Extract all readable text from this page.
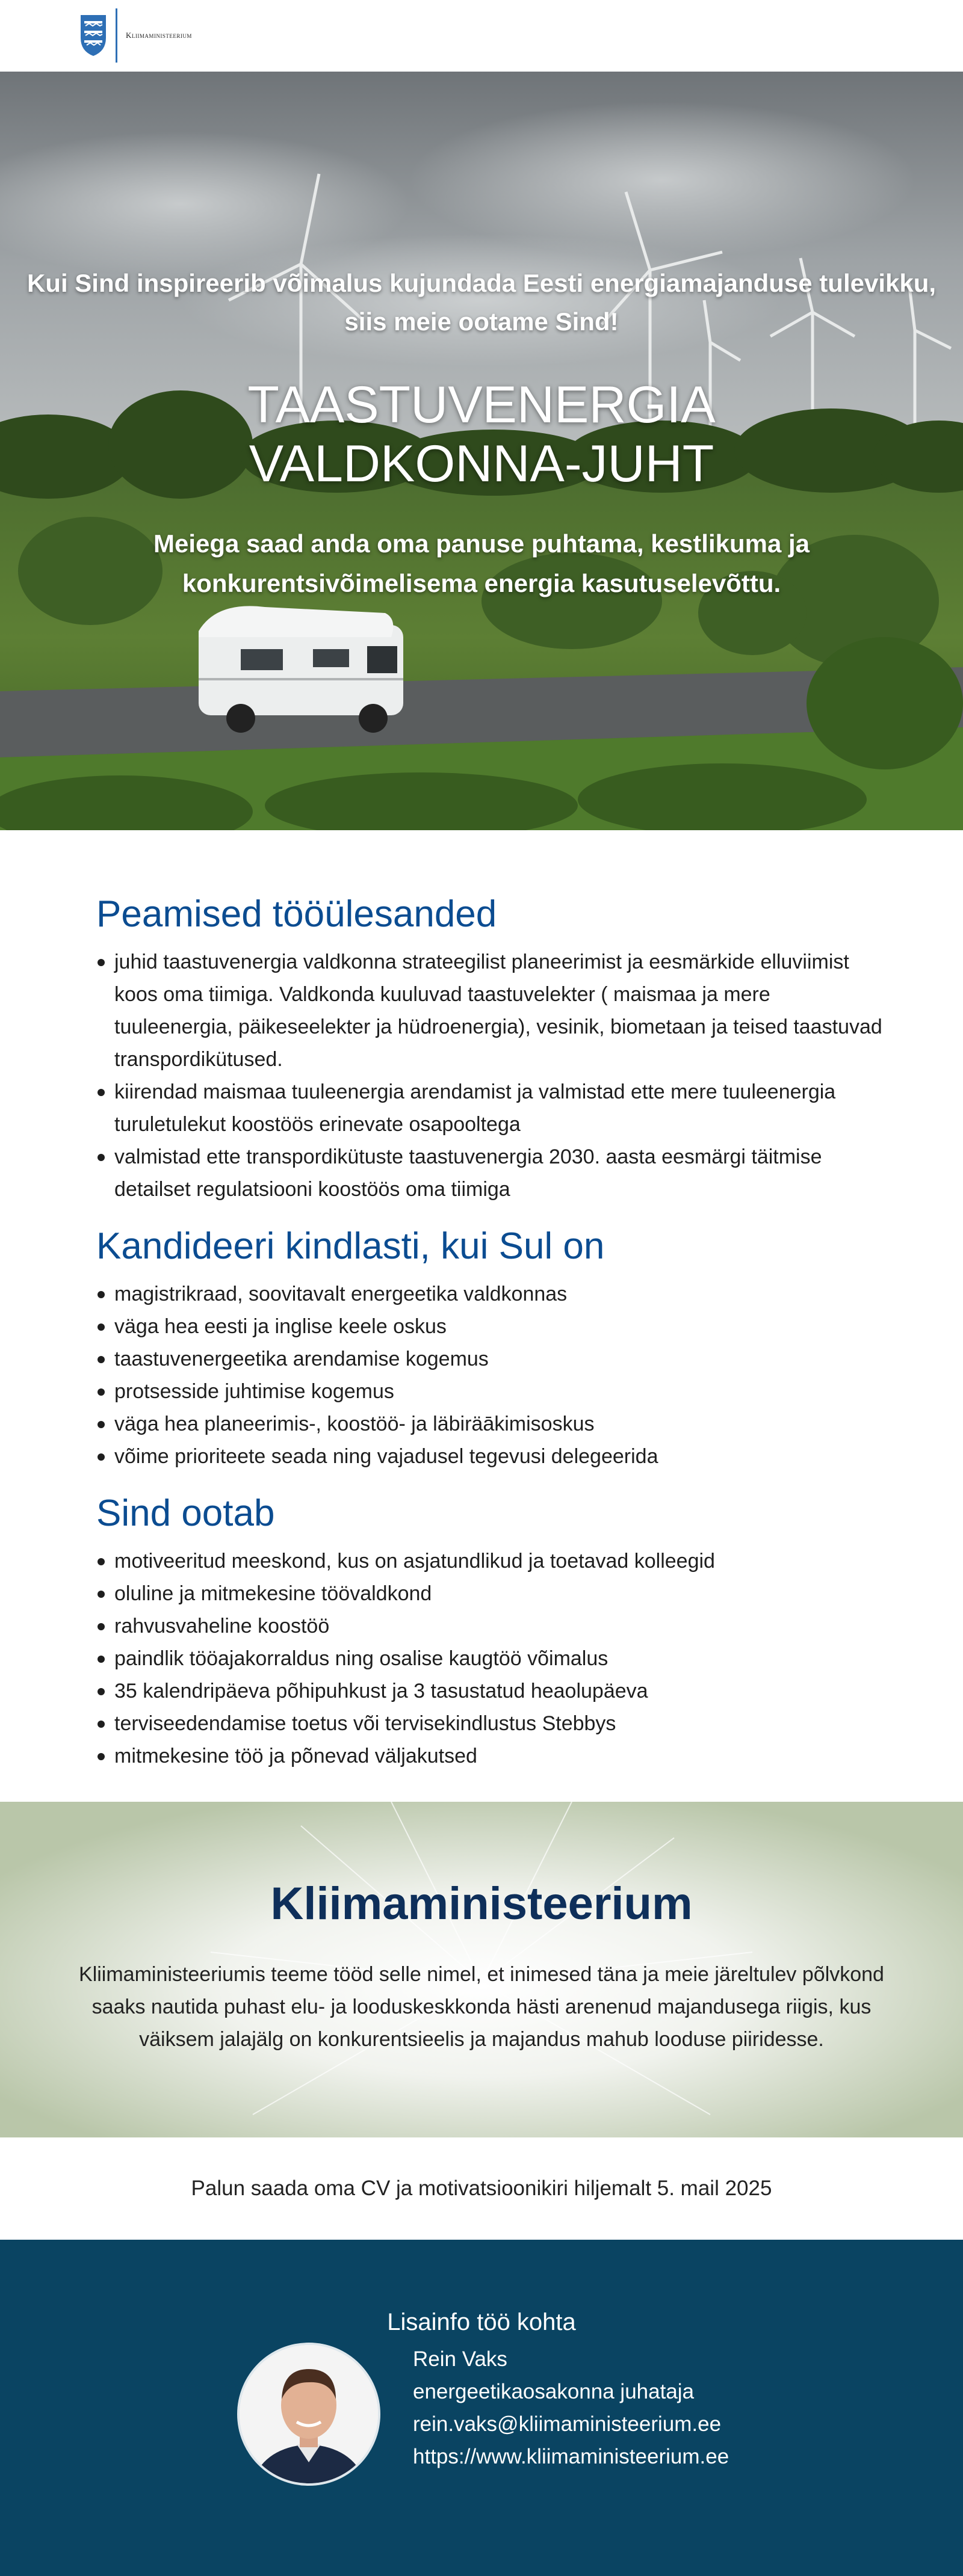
Kliimaministeerium
Kui Sind inspireerib võimalus kujundada Eesti energiamajanduse tulevikku,
siis meie ootame Sind!
TAASTUVENERGIA VALDKONNA-JUHT
Meiega saad anda oma panuse puhtama, kestlikuma ja
konkurentsivõimelisema energia kasutuselevõttu.
Peamised tööülesanded
juhid taastuvenergia valdkonna strateegilist planeerimist ja eesmärkide elluviimist koos oma tiimiga. Valdkonda kuuluvad taastuvelekter ( maismaa ja mere tuuleenergia, päikeseelekter ja hüdroenergia), vesinik, biometaan ja teised taastuvad transpordikütused.
kiirendad maismaa tuuleenergia arendamist ja valmistad ette mere tuuleenergia turuletulekut koostöös erinevate osapooltega
valmistad ette transpordikütuste taastuvenergia 2030. aasta eesmärgi täitmise detailset regulatsiooni koostöös oma tiimiga
Kandideeri kindlasti, kui Sul on
magistrikraad, soovitavalt energeetika valdkonnas
väga hea eesti ja inglise keele oskus
taastuvenergeetika arendamise kogemus
protsesside juhtimise kogemus
väga hea planeerimis-, koostöö- ja läbiräākimisoskus
võime prioriteete seada ning vajadusel tegevusi delegeerida
Sind ootab
motiveeritud meeskond, kus on asjatundlikud ja toetavad kolleegid
oluline ja mitmekesine töövaldkond
rahvusvaheline koostöö
paindlik tööajakorraldus ning osalise kaugtöö võimalus
35 kalendripäeva põhipuhkust ja 3 tasustatud heaolupäeva
terviseedendamise toetus või tervisekindlustus Stebbys
mitmekesine töö ja põnevad väljakutsed
Kliimaministeerium

Kliimaministeeriumis teeme tööd selle nimel, et inimesed täna ja meie järeltulev põlvkond saaks nautida puhast elu- ja looduskeskkonda hästi arenenud majandusega riigis, kus väiksem jalajälg on konkurentsieelis ja majandus mahub looduse piiridesse.

Palun saada oma CV ja motivatsioonikiri hiljemalt 5. mail 2025
Lisainfo töö kohta
Rein Vaks
energeetikaosakonna juhataja
rein.vaks@kliimaministeerium.ee
https://www.kliimaministeerium.ee
